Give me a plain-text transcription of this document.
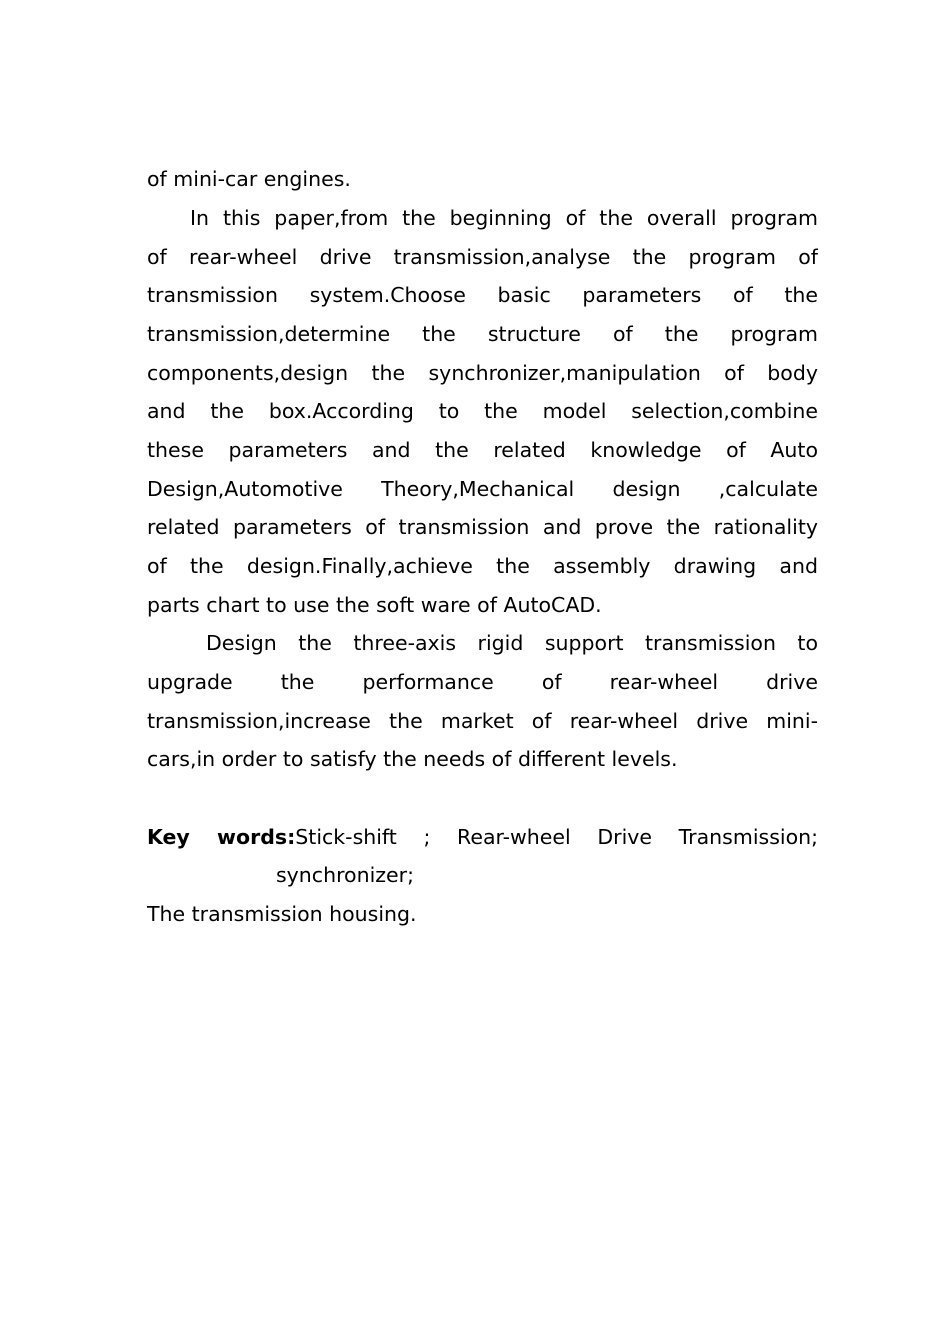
of mini-car engines.
In this paper,from the beginning of the overall program
of rear-wheel drive transmission,analyse the program of
transmission system.Choose basic parameters of the
transmission,determine the structure of the program
components,design the synchronizer,manipulation of body
and the box.According to the model selection,combine
these parameters and the related knowledge of Auto
Design,Automotive Theory,Mechanical design ,calculate
related parameters of transmission and prove the rationality
of the design.Finally,achieve the assembly drawing and
parts chart to use the soft ware of AutoCAD.
Design the three-axis rigid support transmission to
upgrade the performance of rear-wheel drive
transmission,increase the market of rear-wheel drive mini-
cars,in order to satisfy the needs of different levels.
Key words:Stick-shift ; Rear-wheel Drive Transmission;
synchronizer;
The transmission housing.
